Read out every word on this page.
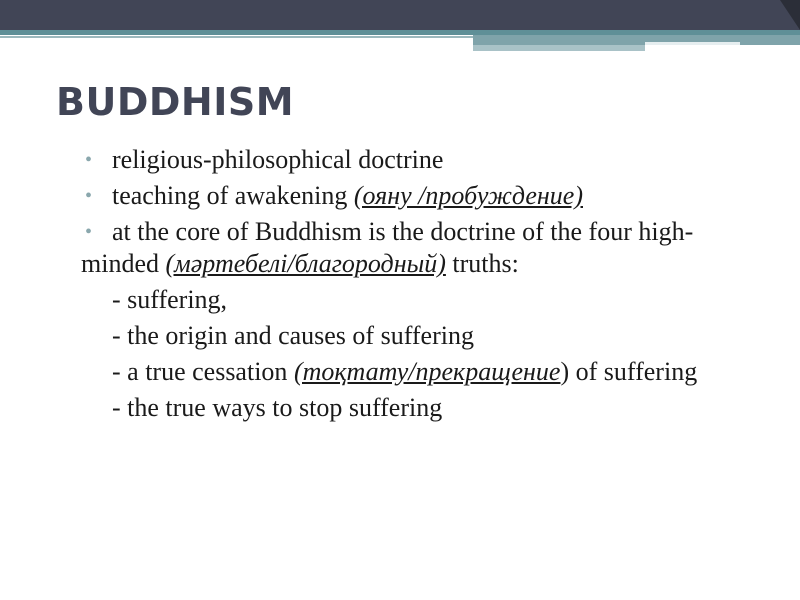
BUDDHISM
• religious-philosophical doctrine
• teaching of awakening (ояну /пробуждение)
• at the core of Buddhism is the doctrine of the four high-minded (мәртебелі/благородный) truths:
- suffering,
- the origin and causes of suffering
- a true cessation (тоқтату/прекращение) of suffering
- the true ways to stop suffering
